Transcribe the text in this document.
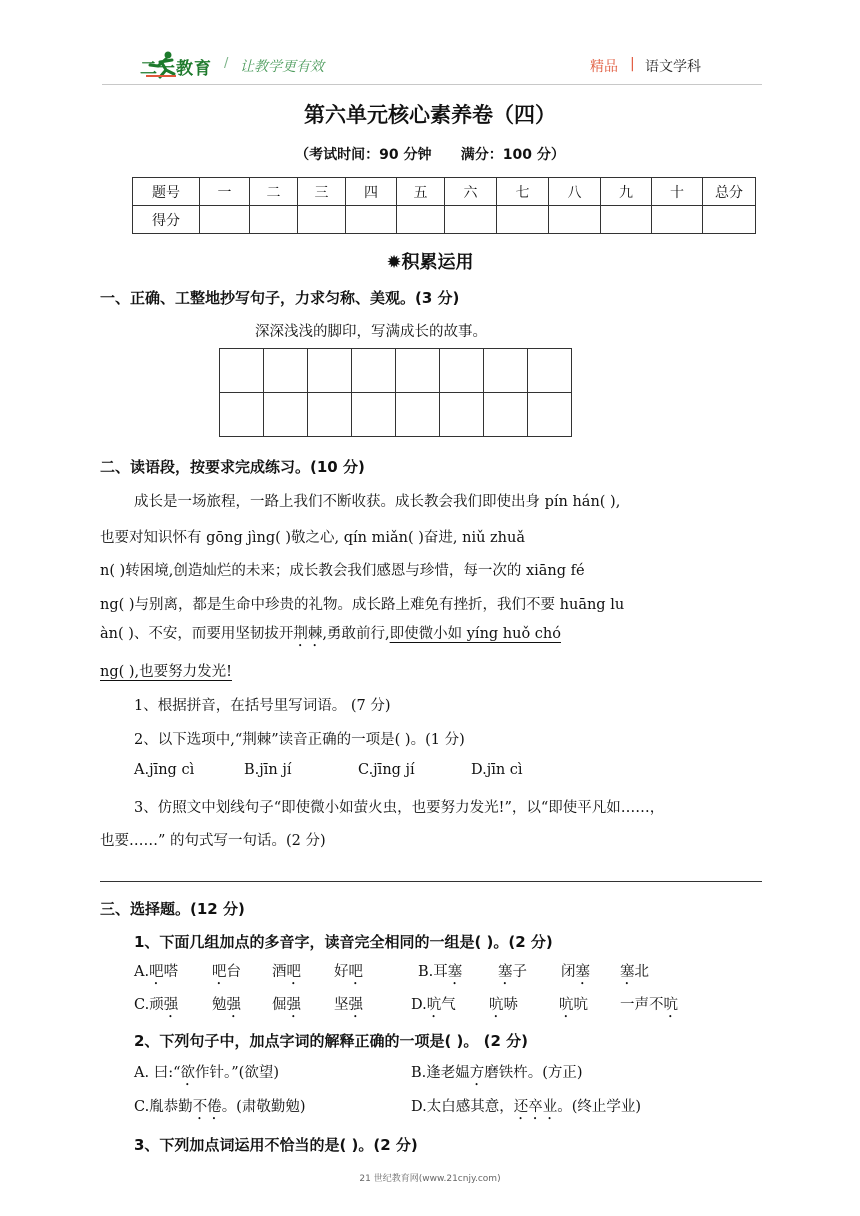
二一教育 / 让教学更有效	精品 | 语文学科
第六单元核心素养卷（四）
（考试时间：90 分钟      满分：100 分）
题号	一	二	三	四	五	六	七	八	九	十	总分
得分											
✹积累运用
一、正确、工整地抄写句子，力求匀称、美观。(3 分)
深深浅浅的脚印，写满成长的故事。

二、读语段，按要求完成练习。(10 分)
成长是一场旅程，一路上我们不断收获。成长教会我们即使出身 pín hán( ),
也要对知识怀有 gōng jìng( )敬之心, qín miǎn( )奋进, niǔ zhuǎ
n( )转困境,创造灿烂的未来；成长教会我们感恩与珍惜，每一次的 xiāng fé
ng( )与别离，都是生命中珍贵的礼物。成长路上难免有挫折，我们不要 huāng lu
àn( )、不安，而要用坚韧拔开荆棘,勇敢前行,即使微小如 yíng huǒ chó
ng( ),也要努力发光!
1、根据拼音，在括号里写词语。 (7 分)
2、以下选项中,“荆棘”读音正确的一项是( )。(1 分)
A.jīng cì	B.jīn jí	C.jīng jí	D.jīn cì
3、仿照文中划线句子“即使微小如萤火虫，也要努力发光!”，以“即使平凡如……，
也要……” 的句式写一句话。(2 分)
三、选择题。(12 分)
1、下面几组加点的多音字，读音完全相同的一组是( )。(2 分)
A.吧嗒 吧台 酒吧 好吧	B.耳塞 塞子 闭塞 塞北
C.顽强 勉强 倔强 坚强	D.吭气 吭哧	吭吭 一声不吭
2、下列句子中，加点字词的解释正确的一项是( )。 (2 分)
A. 曰:“欲作针。”(欲望)	B.逢老媪方磨铁杵。(方正)
C.胤恭勤不倦。(肃敬勤勉)	D.太白感其意，还卒业。(终止学业)
3、下列加点词运用不恰当的是( )。(2 分)
21 世纪教育网(www.21cnjy.com)
